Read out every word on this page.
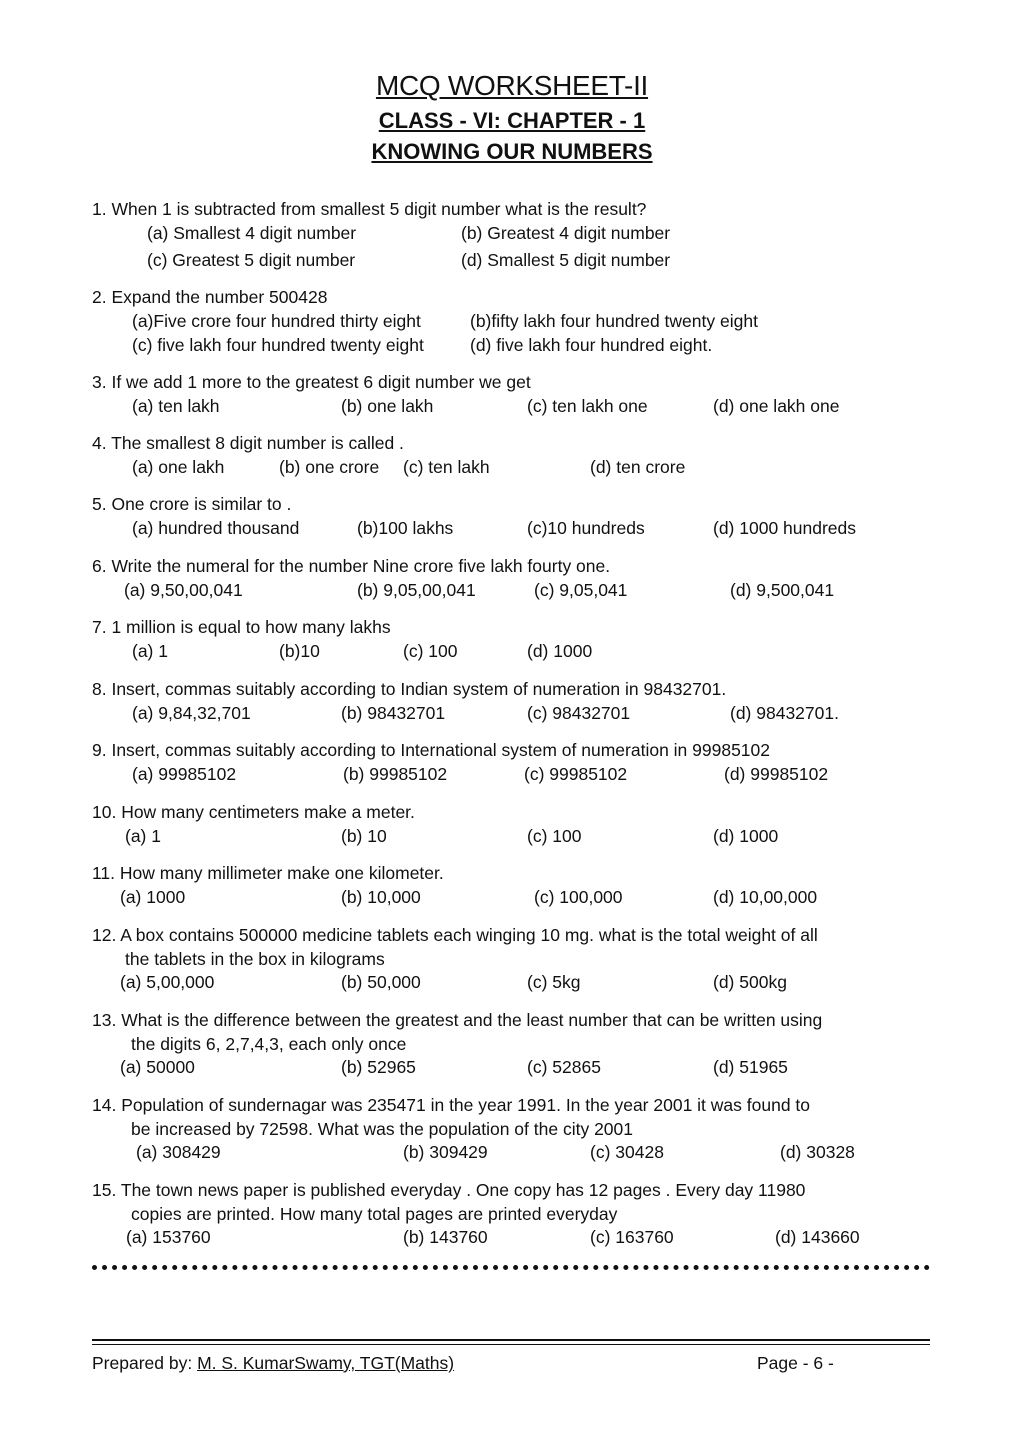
MCQ WORKSHEET-II
CLASS - VI: CHAPTER - 1
KNOWING OUR NUMBERS
1. When 1 is subtracted from smallest 5 digit number what is the result?
(a) Smallest 4 digit number	(b) Greatest 4 digit number
(c) Greatest 5 digit number	(d) Smallest 5 digit number
2. Expand the number 500428
(a)Five crore four hundred thirty eight	(b)fifty lakh four hundred twenty eight
(c) five lakh four hundred twenty eight	(d) five lakh four hundred eight.
3. If we add 1 more to the greatest 6 digit number we get
(a) ten lakh	(b) one lakh	(c) ten lakh one	(d) one lakh one
4. The smallest 8 digit number is called .
(a) one lakh	(b) one crore (c) ten lakh	(d) ten crore
5. One crore is similar to .
(a) hundred thousand	(b)100 lakhs	(c)10 hundreds	(d) 1000 hundreds
6. Write the numeral for the number Nine crore five lakh fourty one.
(a) 9,50,00,041	(b) 9,05,00,041	(c) 9,05,041	(d) 9,500,041
7. 1 million is equal to how many lakhs
(a) 1	(b)10	(c) 100	(d) 1000
8. Insert, commas suitably according to Indian system of numeration in 98432701.
(a) 9,84,32,701	(b) 98432701	(c) 98432701	(d) 98432701.
9. Insert, commas suitably according to International system of numeration in 99985102
(a) 99985102	(b) 99985102	(c) 99985102	(d) 99985102
10. How many centimeters make a meter.
(a) 1	(b) 10	(c) 100	(d) 1000
11. How many millimeter make one kilometer.
(a) 1000	(b) 10,000	(c) 100,000	(d) 10,00,000
12. A box contains 500000 medicine tablets each winging 10 mg. what is the total weight of all
the tablets in the box in kilograms
(a) 5,00,000	(b) 50,000	(c) 5kg	(d) 500kg
13. What is the difference between the greatest and the least number that can be written using
the digits 6, 2,7,4,3, each only once
(a) 50000	(b) 52965	(c) 52865	(d) 51965
14. Population of sundernagar was 235471 in the year 1991. In the year 2001 it was found to
be increased by 72598. What was the population of the city 2001
(a) 308429	(b) 309429	(c) 30428	(d) 30328
15. The town news paper is published everyday . One copy has 12 pages . Every day 11980
copies are printed. How many total pages are printed everyday
(a) 153760	(b) 143760	(c) 163760	(d) 143660
Prepared by: M. S. KumarSwamy, TGT(Maths)	Page - 6 -
